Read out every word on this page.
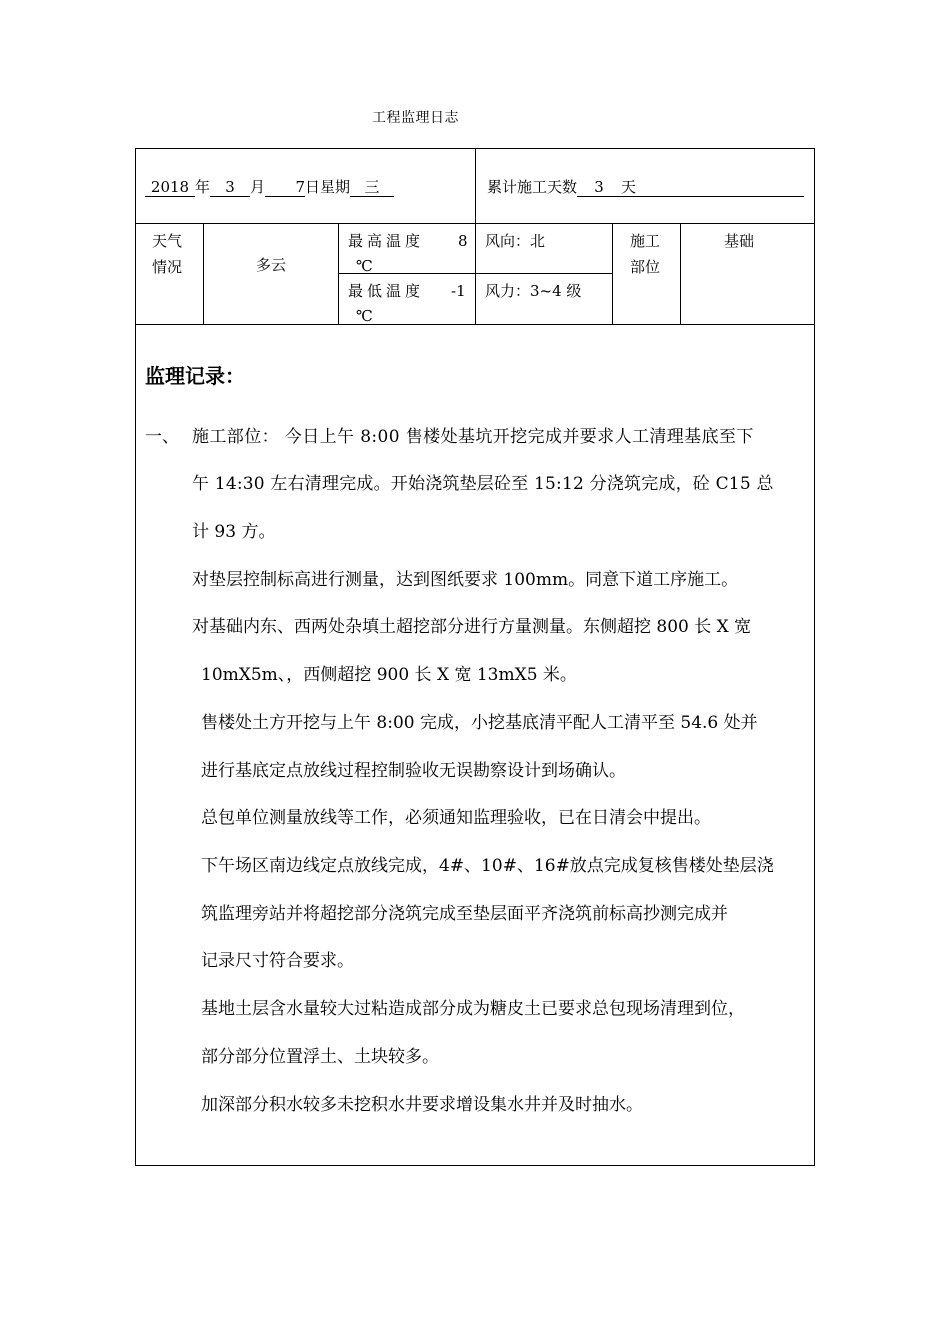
工程监理日志
2018 年 3 月 7日星期 三	累计施工天数 3 天
天气
情况	多云
最高温度 8
℃
最低温度 -1
℃
风向：北
风力：3~4 级
施工
部位
基础
监理记录：
一、 施工部位： 今日上午 8:00 售楼处基坑开挖完成并要求人工清理基底至下
午 14:30 左右清理完成。开始浇筑垫层砼至 15:12 分浇筑完成，砼 C15 总
计 93 方。
对垫层控制标高进行测量，达到图纸要求 100mm。同意下道工序施工。
对基础内东、西两处杂填土超挖部分进行方量测量。东侧超挖 800 长 X 宽
10mX5m、，西侧超挖 900 长 X 宽 13mX5 米。
售楼处土方开挖与上午 8:00 完成，小挖基底清平配人工清平至 54.6 处并
进行基底定点放线过程控制验收无误勘察设计到场确认。
总包单位测量放线等工作，必须通知监理验收，已在日清会中提出。
下午场区南边线定点放线完成，4#、10#、16#放点完成复核售楼处垫层浇
筑监理旁站并将超挖部分浇筑完成至垫层面平齐浇筑前标高抄测完成并
记录尺寸符合要求。
基地土层含水量较大过粘造成部分成为糖皮土已要求总包现场清理到位，
部分部分位置浮土、土块较多。
加深部分积水较多未挖积水井要求增设集水井并及时抽水。
